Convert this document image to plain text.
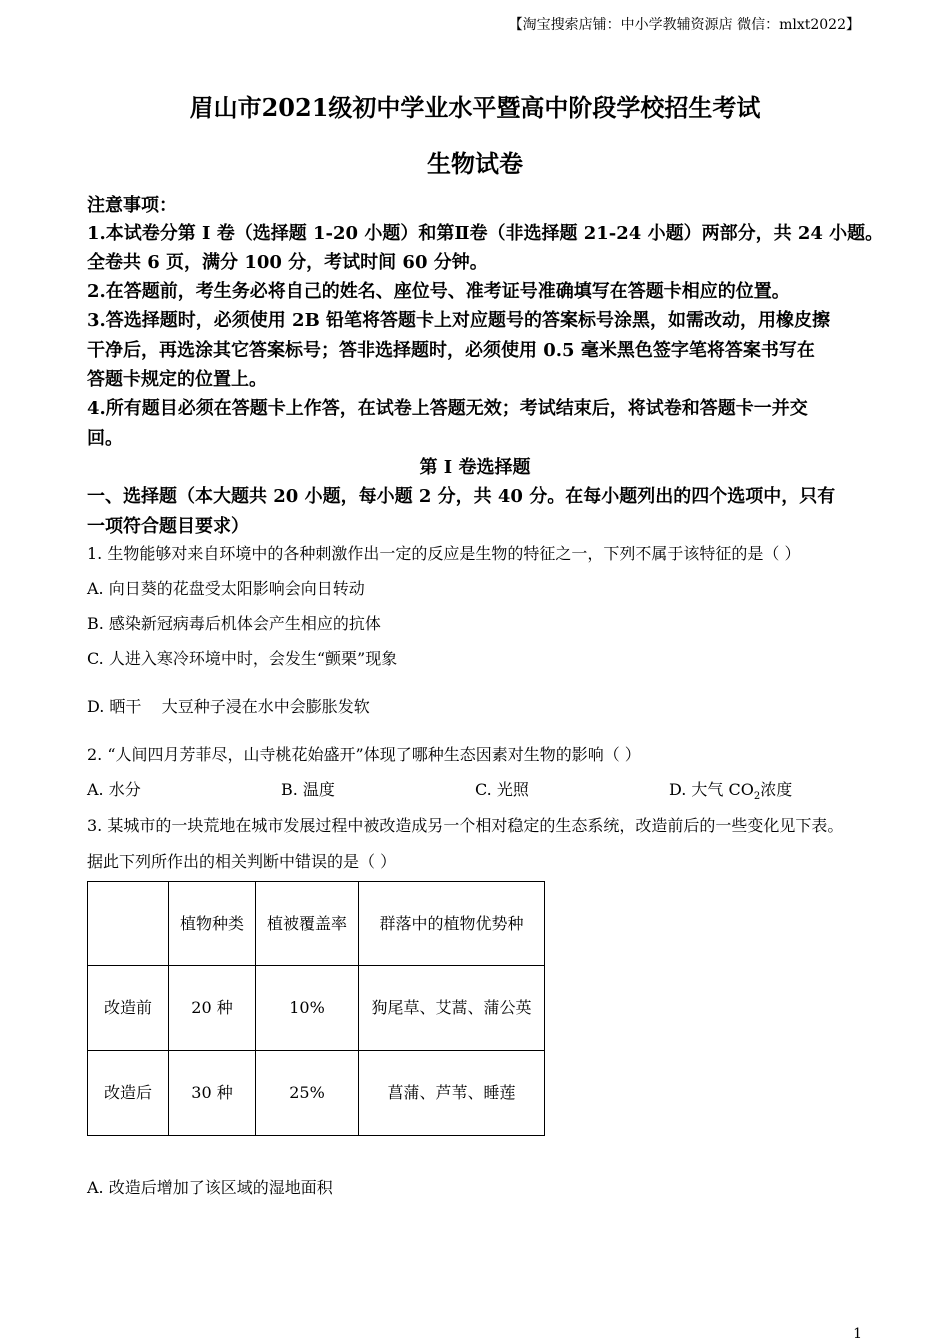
【淘宝搜索店铺：中小学教辅资源店 微信：mlxt2022】
眉山市2021级初中学业水平暨高中阶段学校招生考试
生物试卷
注意事项：
1.本试卷分第 I 卷（选择题 1-20 小题）和第Ⅱ卷（非选择题 21-24 小题）两部分，共 24 小题。
全卷共 6 页，满分 100 分，考试时间 60 分钟。
2.在答题前，考生务必将自己的姓名、座位号、准考证号准确填写在答题卡相应的位置。
3.答选择题时，必须使用 2B 铅笔将答题卡上对应题号的答案标号涂黑，如需改动，用橡皮擦
干净后，再选涂其它答案标号；答非选择题时，必须使用 0.5 毫米黑色签字笔将答案书写在
答题卡规定的位置上。
4.所有题目必须在答题卡上作答，在试卷上答题无效；考试结束后，将试卷和答题卡一并交
回。
第 I 卷选择题
一、选择题（本大题共 20 小题，每小题 2 分，共 40 分。在每小题列出的四个选项中，只有
一项符合题目要求）
1. 生物能够对来自环境中的各种刺激作出一定的反应是生物的特征之一，下列不属于该特征的是（ ）
A. 向日葵的花盘受太阳影响会向日转动
B. 感染新冠病毒后机体会产生相应的抗体
C. 人进入寒冷环境中时，会发生“颤栗”现象
D. 晒干    大豆种子浸在水中会膨胀发软
2. “人间四月芳菲尽，山寺桃花始盛开”体现了哪种生态因素对生物的影响（ ）
A. 水分	B. 温度	C. 光照	D. 大气 $CO_2$浓度
3. 某城市的一块荒地在城市发展过程中被改造成另一个相对稳定的生态系统，改造前后的一些变化见下表。
据此下列所作出的相关判断中错误的是（ ）
	植物种类	植被覆盖率	群落中的植物优势种
改造前	20 种	10%	狗尾草、艾蒿、蒲公英
改造后	30 种	25%	菖蒲、芦苇、睡莲
A. 改造后增加了该区域的湿地面积
1
